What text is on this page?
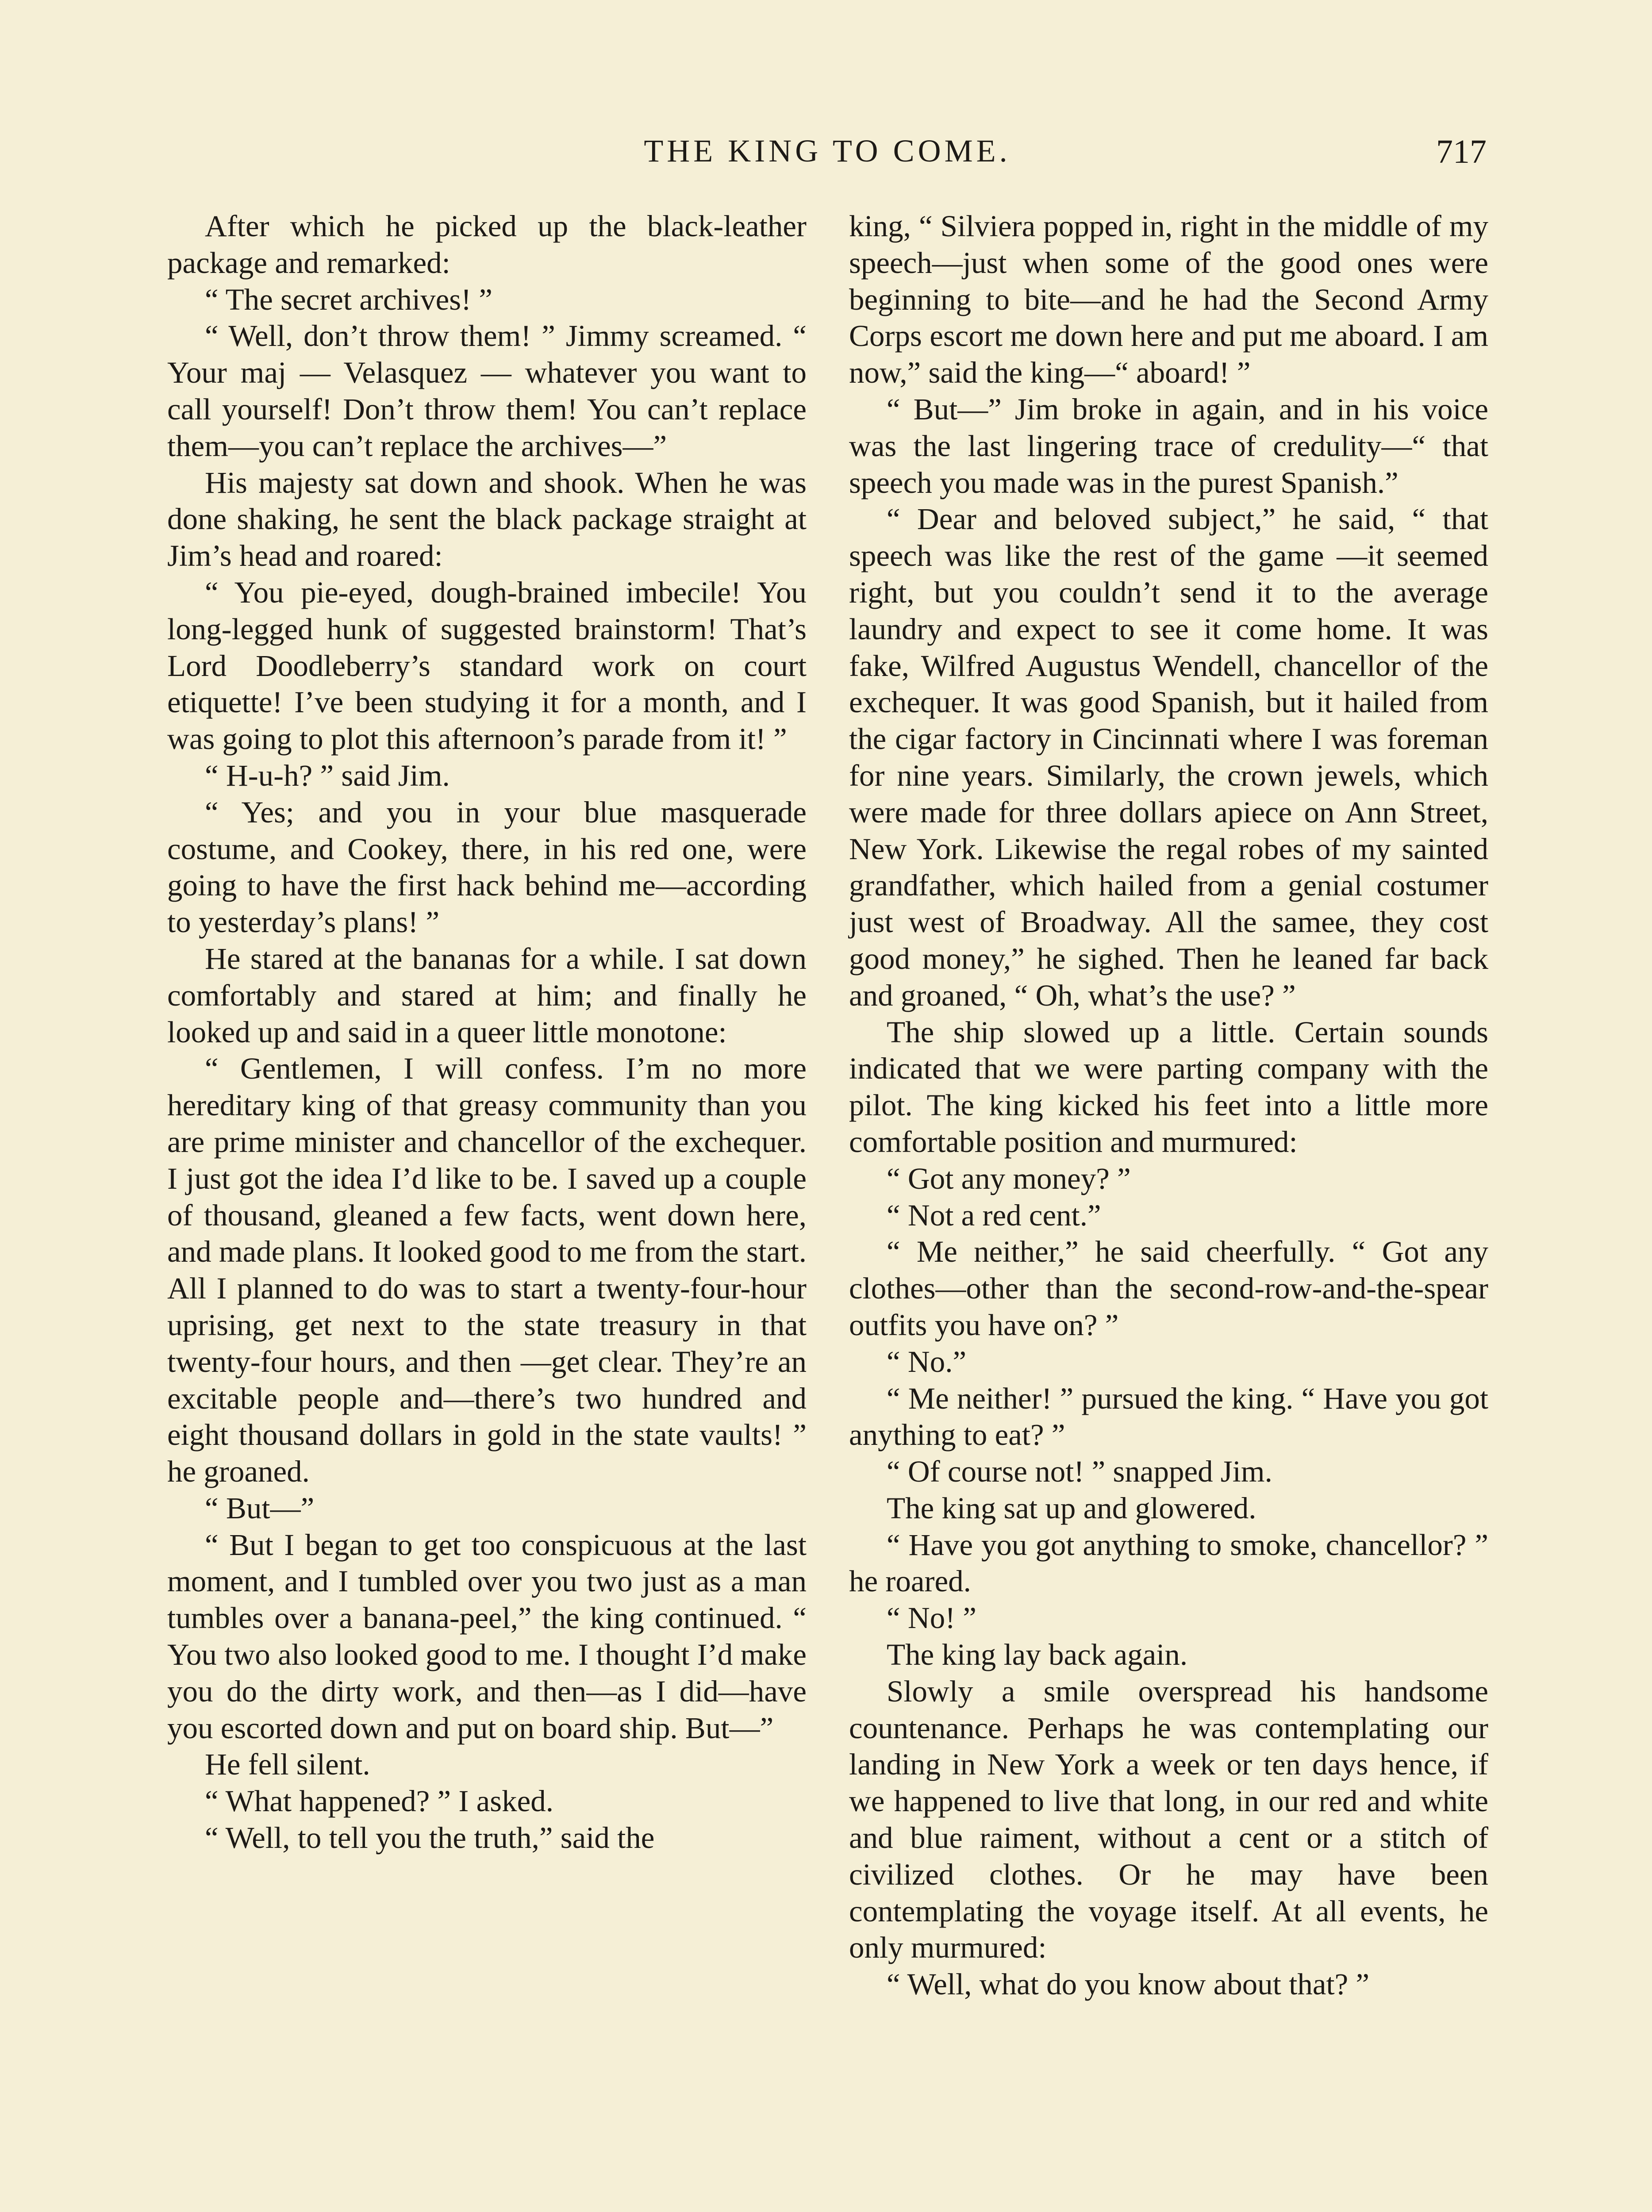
THE KING TO COME.	717

After which he picked up the black-leather package and remarked:

“ The secret archives! ”

“ Well, don’t throw them! ” Jimmy screamed. “ Your maj — Velasquez — whatever you want to call yourself! Don’t throw them! You can’t replace them—you can’t replace the archives—”

His majesty sat down and shook. When he was done shaking, he sent the black package straight at Jim’s head and roared:

“ You pie-eyed, dough-brained imbecile! You long-legged hunk of suggested brainstorm! That’s Lord Doodleberry’s standard work on court etiquette! I’ve been studying it for a month, and I was going to plot this afternoon’s parade from it! ”

“ H-u-h? ” said Jim.

“ Yes; and you in your blue masquerade costume, and Cookey, there, in his red one, were going to have the first hack behind me—according to yesterday’s plans! ”

He stared at the bananas for a while. I sat down comfortably and stared at him; and finally he looked up and said in a queer little monotone:

“ Gentlemen, I will confess. I’m no more hereditary king of that greasy community than you are prime minister and chancellor of the exchequer. I just got the idea I’d like to be. I saved up a couple of thousand, gleaned a few facts, went down here, and made plans. It looked good to me from the start. All I planned to do was to start a twenty-four-hour uprising, get next to the state treasury in that twenty-four hours, and then —get clear. They’re an excitable people and—there’s two hundred and eight thousand dollars in gold in the state vaults! ” he groaned.

“ But—”

“ But I began to get too conspicuous at the last moment, and I tumbled over you two just as a man tumbles over a banana-peel,” the king continued. “ You two also looked good to me. I thought I’d make you do the dirty work, and then—as I did—have you escorted down and put on board ship. But—”

He fell silent.

“ What happened? ” I asked.

“ Well, to tell you the truth,” said the

king, “ Silviera popped in, right in the middle of my speech—just when some of the good ones were beginning to bite—and he had the Second Army Corps escort me down here and put me aboard. I am now,” said the king—“ aboard! ”

“ But—” Jim broke in again, and in his voice was the last lingering trace of credulity—“ that speech you made was in the purest Spanish.”

“ Dear and beloved subject,” he said, “ that speech was like the rest of the game —it seemed right, but you couldn’t send it to the average laundry and expect to see it come home. It was fake, Wilfred Augustus Wendell, chancellor of the exchequer. It was good Spanish, but it hailed from the cigar factory in Cincinnati where I was foreman for nine years. Similarly, the crown jewels, which were made for three dollars apiece on Ann Street, New York. Likewise the regal robes of my sainted grandfather, which hailed from a genial costumer just west of Broadway. All the samee, they cost good money,” he sighed. Then he leaned far back and groaned, “ Oh, what’s the use? ”

The ship slowed up a little. Certain sounds indicated that we were parting company with the pilot. The king kicked his feet into a little more comfortable position and murmured:

“ Got any money? ”

“ Not a red cent.”

“ Me neither,” he said cheerfully. “ Got any clothes—other than the second-row-and-the-spear outfits you have on? ”

“ No.”

“ Me neither! ” pursued the king. “ Have you got anything to eat? ”

“ Of course not! ” snapped Jim.

The king sat up and glowered.

“ Have you got anything to smoke, chancellor? ” he roared.

“ No! ”

The king lay back again.

Slowly a smile overspread his handsome countenance. Perhaps he was contemplating our landing in New York a week or ten days hence, if we happened to live that long, in our red and white and blue raiment, without a cent or a stitch of civilized clothes. Or he may have been contemplating the voyage itself. At all events, he only murmured:

“ Well, what do you know about that? ”
